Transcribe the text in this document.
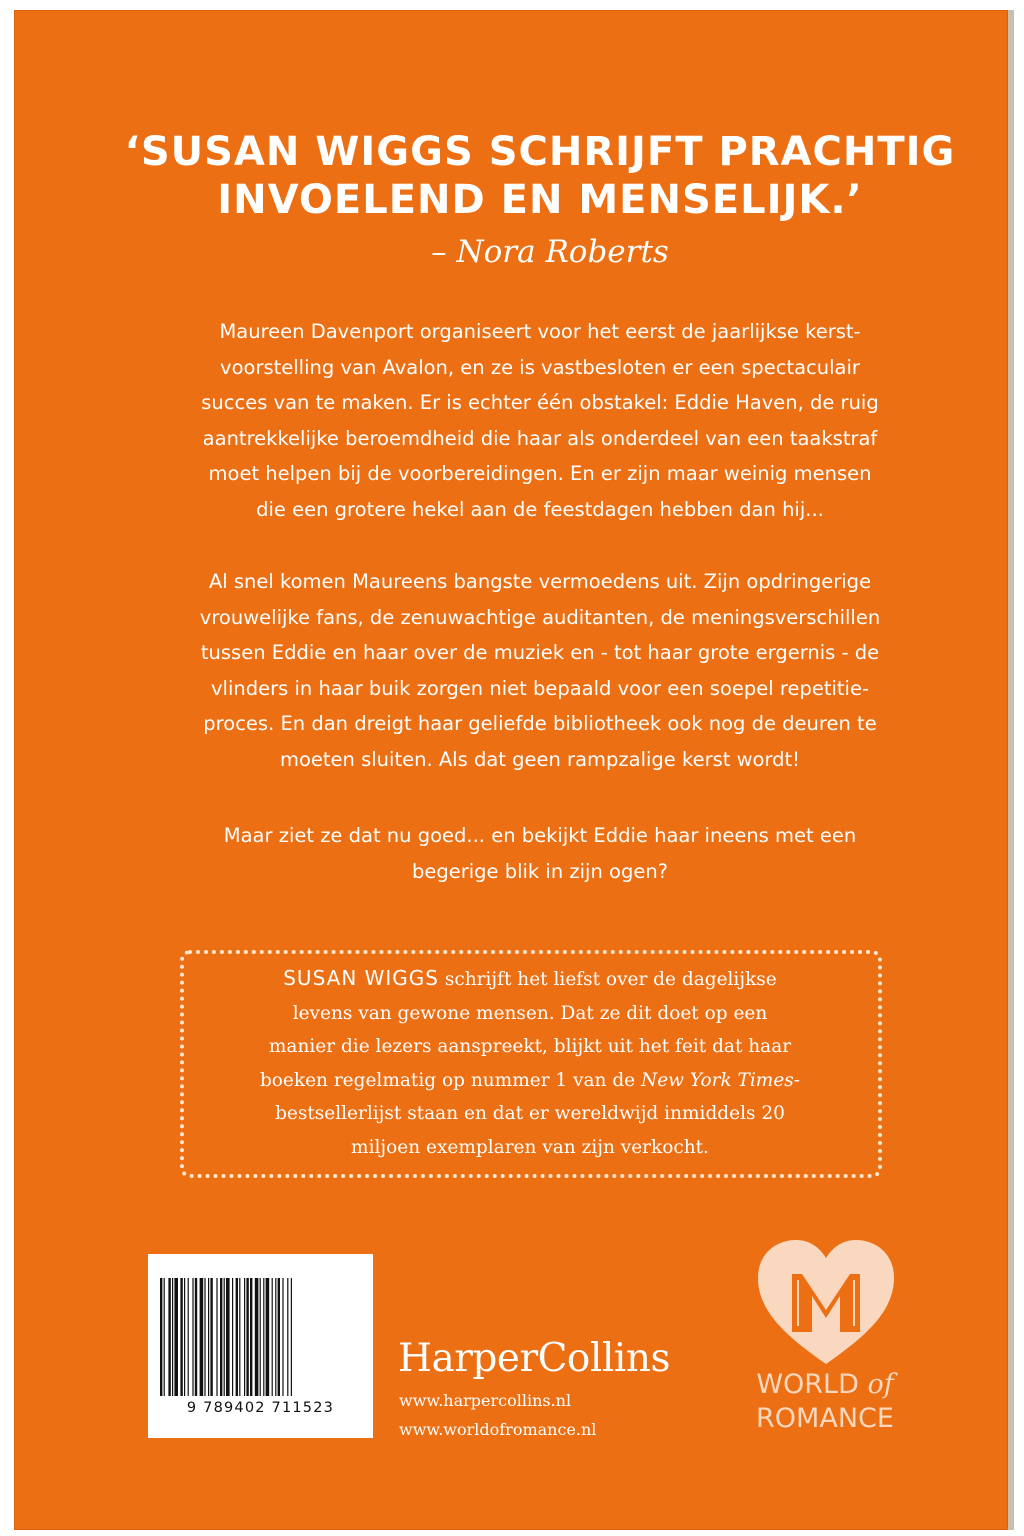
‘SUSAN WIGGS SCHRIJFT PRACHTIG
INVOELEND EN MENSELIJK.’
– Nora Roberts
Maureen Davenport organiseert voor het eerst de jaarlijkse kerst-
voorstelling van Avalon, en ze is vastbesloten er een spectaculair
succes van te maken. Er is echter één obstakel: Eddie Haven, de ruig
aantrekkelijke beroemdheid die haar als onderdeel van een taakstraf
moet helpen bij de voorbereidingen. En er zijn maar weinig mensen
die een grotere hekel aan de feestdagen hebben dan hij...
Al snel komen Maureens bangste vermoedens uit. Zijn opdringerige
vrouwelijke fans, de zenuwachtige auditanten, de meningsverschillen
tussen Eddie en haar over de muziek en - tot haar grote ergernis - de
vlinders in haar buik zorgen niet bepaald voor een soepel repetitie-
proces. En dan dreigt haar geliefde bibliotheek ook nog de deuren te
moeten sluiten. Als dat geen rampzalige kerst wordt!
Maar ziet ze dat nu goed... en bekijkt Eddie haar ineens met een
begerige blik in zijn ogen?
SUSAN WIGGS schrijft het liefst over de dagelijkse
levens van gewone mensen. Dat ze dit doet op een
manier die lezers aanspreekt, blijkt uit het feit dat haar
boeken regelmatig op nummer 1 van de New York Times-
bestsellerlijst staan en dat er wereldwijd inmiddels 20
miljoen exemplaren van zijn verkocht.
9 789402 711523
HarperCollins
www.harpercollins.nl
www.worldofromance.nl
WORLD of
ROMANCE
